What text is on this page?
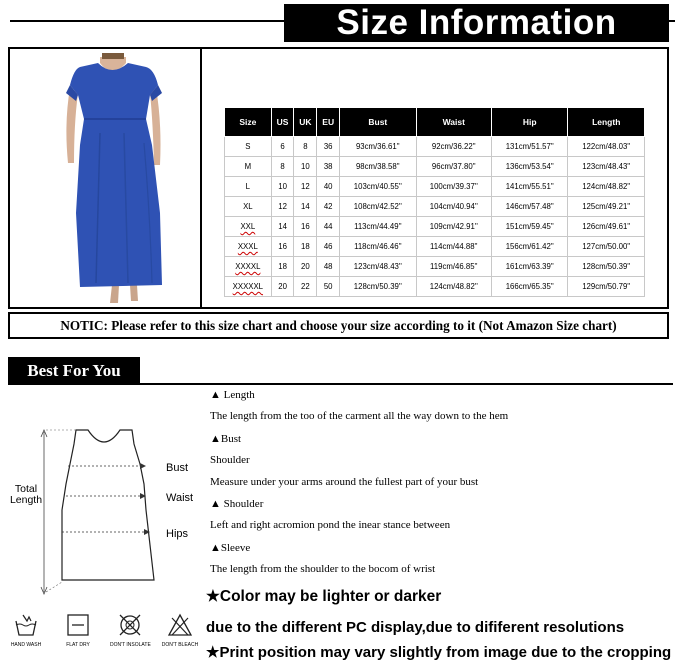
Size Information
Size	US	UK	EU	Bust	Waist	Hip	Length
S	6	8	36	93cm/36.61''	92cm/36.22''	131cm/51.57''	122cm/48.03''
M	8	10	38	98cm/38.58''	96cm/37.80''	136cm/53.54''	123cm/48.43''
L	10	12	40	103cm/40.55''	100cm/39.37''	141cm/55.51''	124cm/48.82''
XL	12	14	42	108cm/42.52''	104cm/40.94''	146cm/57.48''	125cm/49.21''
XXL	14	16	44	113cm/44.49''	109cm/42.91''	151cm/59.45''	126cm/49.61''
XXXL	16	18	46	118cm/46.46''	114cm/44.88''	156cm/61.42''	127cm/50.00''
XXXXL	18	20	48	123cm/48.43''	119cm/46.85''	161cm/63.39''	128cm/50.39''
XXXXXL	20	22	50	128cm/50.39''	124cm/48.82''	166cm/65.35''	129cm/50.79''
NOTIC: Please refer to this size chart and choose your size according to it (Not Amazon Size chart)
Best For You
Total
Length
Bust
Waist
Hips
▲ Length
The length from the too of the carment all the way down to the hem
▲Bust
Shoulder
Measure under your arms around the fullest part of your bust
▲ Shoulder
Left and right acromion pond the inear stance between
▲Sleeve
The length from the shoulder to the bocom of wrist
★Color may be lighter or darker
due to the different PC display,due to dififerent resolutions
★Print position may vary slightly from image due to the cropping
HAND WASH	FLAT DRY	DON'T INSOLATE	DON'T BLEACH
